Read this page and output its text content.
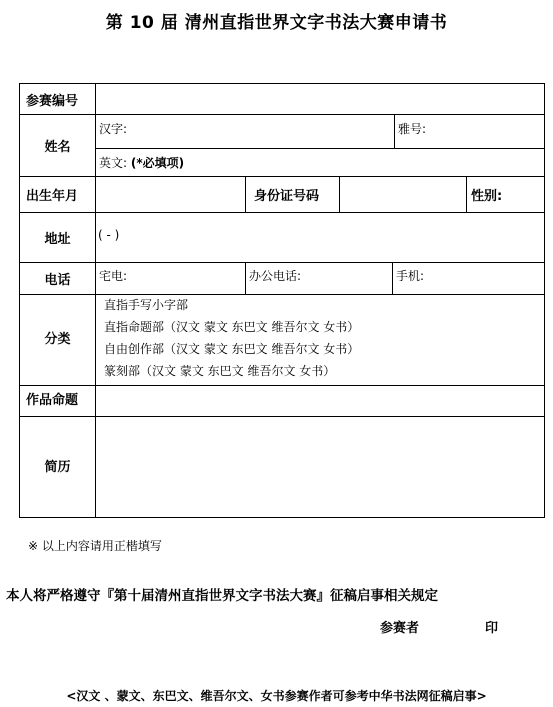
第 10 届 清州直指世界文字书法大赛申请书
参赛编号
姓名
汉字:	雅号:
英文: (*必填项)
出生年月	身份证号码	性别:
地址	( - )
电话	宅电:	办公电话:	手机:
分类
直指手写小字部
直指命题部（汉文 蒙文 东巴文 维吾尔文 女书）
自由创作部（汉文 蒙文 东巴文 维吾尔文 女书）
篆刻部（汉文 蒙文 东巴文 维吾尔文 女书）
作品命题
简历
※ 以上内容请用正楷填写
本人将严格遵守『第十届清州直指世界文字书法大赛』征稿启事相关规定
参赛者	印
<汉文 、蒙文、东巴文、维吾尔文、女书参赛作者可参考中华书法网征稿启事>
